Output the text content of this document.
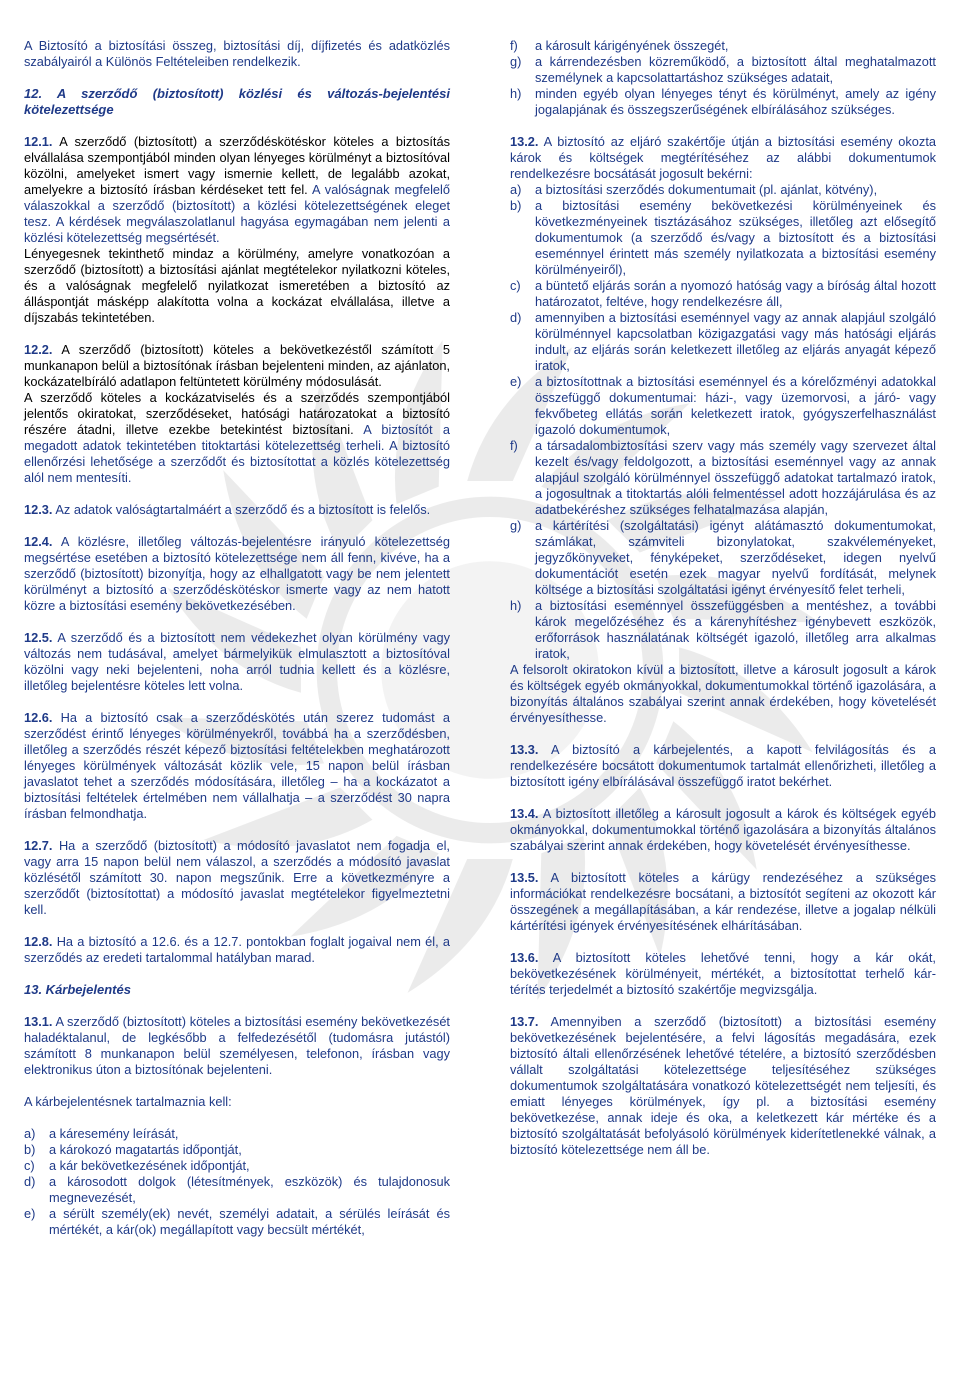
A Biztosító a biztosítási összeg, biztosítási díj, díjfizetés és adatközlés szabályairól a Különös Feltételeiben rendelkezik.

12. A szerződő (biztosított) közlési és változás-bejelentési kötelezettsége

12.1. A szerződő (biztosított) a szerződéskötéskor köteles a biztosítás elvállalása szempontjából minden olyan lényeges körülményt a biztosítóval közölni, amelyeket ismert vagy ismernie kellett, de legalább azokat, amelyekre a biztosító írásban kérdéseket tett fel. A valóságnak megfelelő válaszokkal a szerződő (biztosított) a közlési kötelezettségének eleget tesz. A kérdések megválaszolatlanul hagyása egymagában nem jelenti a közlési kötelezettség megsértését.

Lényegesnek tekinthető mindaz a körülmény, amelyre vonatkozóan a szerződő (biztosított) a biztosítási ajánlat megtételekor nyilatkozni köteles, és a valóságnak megfelelő nyilatkozat ismeretében a biztosító az álláspontját másképp alakította volna a kockázat elvállalása, illetve a díjszabás tekintetében.

12.2. A szerződő (biztosított) köteles a bekövetkezéstől számított 5 munkanapon belül a biztosítónak írásban bejelenteni minden, az ajánlaton, kockázatelbíráló adatlapon feltüntetett körülmény módosulását.

A szerződő köteles a kockázatviselés és a szerződés szempontjából jelentős okiratokat, szerződéseket, hatósági határozatokat a biztosító részére átadni, illetve ezekbe betekintést biztosítani. A biztosítót a megadott adatok tekintetében titoktartási kötelezettség terheli. A biztosító ellenőrzési lehetősége a szerződőt és biztosítottat a közlés kötelezettség alól nem mentesíti.

12.3. Az adatok valóságtartalmáért a szerződő és a biztosított is felelős.

12.4. A közlésre, illetőleg változás-bejelentésre irányuló kötelezettség megsértése esetében a biztosító kötelezettsége nem áll fenn, kivéve, ha a szerződő (biztosított) bizonyítja, hogy az elhallgatott vagy be nem jelentett körülményt a biztosító a szerződéskötéskor ismerte vagy az nem hatott közre a biztosítási esemény bekövetkezésében.

12.5. A szerződő és a biztosított nem védekezhet olyan körülmény vagy változás nem tudásával, amelyet bármelyikük elmulasztott a biztosítóval közölni vagy neki bejelenteni, noha arról tudnia kellett és a közlésre, illetőleg bejelentésre köteles lett volna.

12.6. Ha a biztosító csak a szerződéskötés után szerez tudomást a szerződést érintő lényeges körülményekről, továbbá ha a szerződésben, illetőleg a szerződés részét képező biztosítási feltételekben meghatározott lényeges körülmények változását közlik vele, 15 napon belül írásban javaslatot tehet a szerződés módosítására, illetőleg – ha a kockázatot a biztosítási feltételek értelmében nem vállalhatja – a szerződést 30 napra írásban felmondhatja.

12.7. Ha a szerződő (biztosított) a módosító javaslatot nem fogadja el, vagy arra 15 napon belül nem válaszol, a szerződés a módosító javaslat közlésétől számított 30. napon megszűnik. Erre a következményre a szerződőt (biztosítottat) a módosító javaslat megtételekor figyelmeztetni kell.

12.8. Ha a biztosító a 12.6. és a 12.7. pontokban foglalt jogaival nem él, a szerződés az eredeti tartalommal hatályban marad.

13. Kárbejelentés

13.1. A szerződő (biztosított) köteles a biztosítási esemény bekövetkezését haladéktalanul, de legkésőbb a felfedezésétől (tudomásra jutástól) számított 8 munkanapon belül személyesen, telefonon, írásban vagy elektronikus úton a biztosítónak bejelenteni.

A kárbejelentésnek tartalmaznia kell:

a)	a káresemény leírását,
b)	a károkozó magatartás időpontját,
c)	a kár bekövetkezésének időpontját,
d)	a károsodott dolgok (létesítmények, eszközök) és tulajdonosuk megnevezését,
e)	a sérült személy(ek) nevét, személyi adatait, a sérülés leírását és mértékét, a kár(ok) megállapított vagy becsült mértékét,
f)	a károsult kárigényének összegét,
g)	a kárrendezésben közreműködő, a biztosított által meghatalmazott személynek a kapcsolattartáshoz szükséges adatait,
h)	minden egyéb olyan lényeges tényt és körülményt, amely az igény jogalapjának és összegszerűségének elbírálásához szükséges.

13.2. A biztosító az eljáró szakértője útján a biztosítási esemény okozta károk és költségek megtérítéséhez az alábbi dokumentumok rendelkezésre bocsátását jogosult bekérni:

a)	a biztosítási szerződés dokumentumait (pl. ajánlat, kötvény),
b)	a biztosítási esemény bekövetkezési körülményeinek és következményeinek tisztázásához szükséges, illetőleg azt elősegítő dokumentumok (a szerződő és/vagy a biztosított és a biztosítási eseménnyel érintett más személy nyilatkozata a biztosítási esemény körülményeiről),
c)	a büntető eljárás során a nyomozó hatóság vagy a bíróság által hozott határozatot, feltéve, hogy rendelkezésre áll,
d)	amennyiben a biztosítási eseménnyel vagy az annak alapjául szolgáló körülménnyel kapcsolatban közigazgatási vagy más hatósági eljárás indult, az eljárás során keletkezett illetőleg az eljárás anyagát képező iratok,
e)	a biztosítottnak a biztosítási eseménnyel és a kórelőzményi adatokkal összefüggő dokumentumai: házi-, vagy üzemorvosi, a járó- vagy fekvőbeteg ellátás során keletkezett iratok, gyógyszerfelhasználást igazoló dokumentumok,
f)	a társadalombiztosítási szerv vagy más személy vagy szervezet által kezelt és/vagy feldolgozott, a biztosítási eseménnyel vagy az annak alapjául szolgáló körülménnyel összefüggő adatokat tartalmazó iratok, a jogosultnak a titoktartás alóli felmentéssel adott hozzájárulása és az adatbekéréshez szükséges felhatalmazása alapján,
g)	a kártérítési (szolgáltatási) igényt alátámasztó dokumentumokat, számlákat, számviteli bizonylatokat, szakvéleményeket, jegyzőkönyveket, fényképeket, szerződéseket, idegen nyelvű dokumentációt esetén ezek magyar nyelvű fordítását, melynek költsége a biztosítási szolgáltatási igényt érvényesítő felet terheli,
h)	a biztosítási eseménnyel összefüggésben a mentéshez, a további károk megelőzéséhez és a kárenyhítéshez igénybevett eszközök, erőforrások használatának költségét igazoló, illetőleg arra alkalmas iratok,

A felsorolt okiratokon kívül a biztosított, illetve a károsult jogosult a károk és költségek egyéb okmányokkal, dokumentumokkal történő igazolására, a bizonyítás általános szabályai szerint annak érdekében, hogy követelését érvényesíthesse.

13.3. A biztosító a kárbejelentés, a kapott felvilágosítás és a rendelkezésére bocsátott dokumentumok tartalmát ellenőrizheti, illetőleg a biztosított igény elbírálásával összefüggő iratot bekérhet.

13.4. A biztosított illetőleg a károsult jogosult a károk és költségek egyéb okmányokkal, dokumentumokkal történő igazolására a bizonyítás általános szabályai szerint annak érdekében, hogy követelését érvényesíthesse.

13.5. A biztosított köteles a kárügy rendezéséhez a szükséges információkat rendelkezésre bocsátani, a biztosítót segíteni az okozott kár összegének a megállapításában, a kár rendezése, illetve a jogalap nélküli kártérítési igények érvényesítésének elhárításában.

13.6. A biztosított köteles lehetővé tenni, hogy a kár okát, bekövetkezésének körülményeit, mértékét, a biztosítottat terhelő kár-térítés terjedelmét a biztosító szakértője megvizsgálja.

13.7. Amennyiben a szerződő (biztosított) a biztosítási esemény bekövetkezésének bejelentésére, a felvi lágosítás megadására, ezek biztosító általi ellenőrzésének lehetővé tételére, a biztosító szerződésben vállalt szolgáltatási kötelezettsége teljesítéséhez szükséges dokumentumok szolgáltatására vonatkozó kötelezettségét nem teljesíti, és emiatt lényeges körülmények, így pl. a biztosítási esemény bekövetkezése, annak ideje és oka, a keletkezett kár mértéke és a biztosító szolgáltatását befolyásoló körülmények kiderítetlenekké válnak, a biztosító kötelezettsége nem áll be.
